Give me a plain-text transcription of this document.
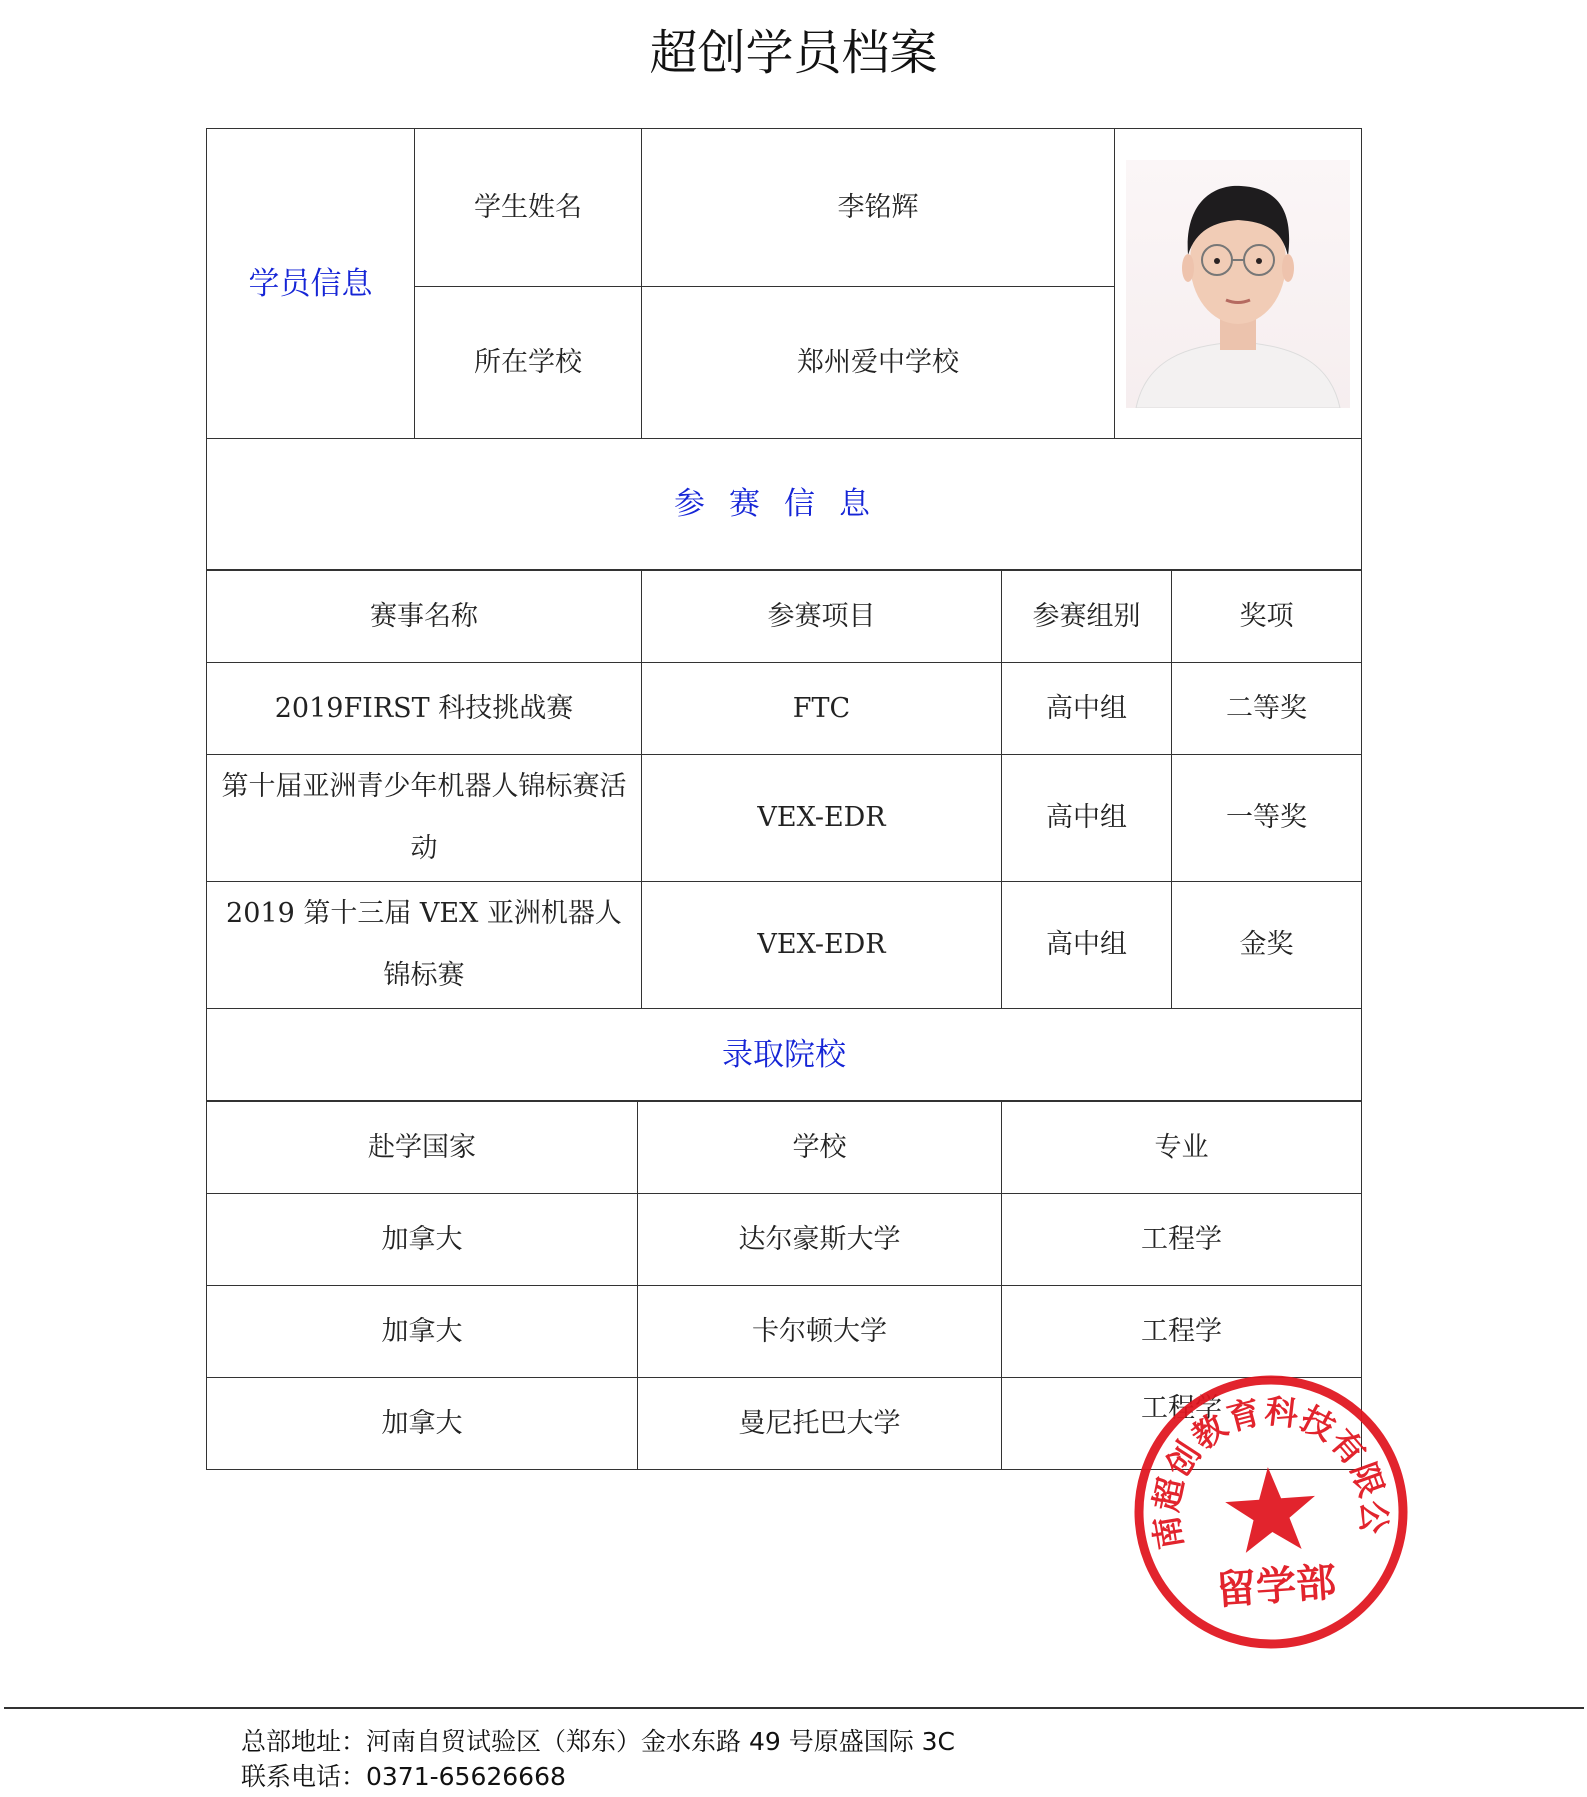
超创学员档案
学员信息	学生姓名	李铭辉	

	所在学校	郑州爱中学校	
参赛信息			
赛事名称	参赛项目	参赛组别	奖项
2019FIRST 科技挑战赛	FTC	高中组	二等奖
第十届亚洲青少年机器人锦标赛活动	VEX-EDR	高中组	一等奖
2019 第十三届 VEX 亚洲机器人锦标赛	VEX-EDR	高中组	金奖
录取院校			
赴学国家	学校	专业
加拿大	达尔豪斯大学	工程学
加拿大	卡尔顿大学	工程学
加拿大	曼尼托巴大学	工程学
河南超创教育科技有限公司
留学部
总部地址：河南自贸试验区（郑东）金水东路 49 号原盛国际 3C
联系电话：0371-65626668
